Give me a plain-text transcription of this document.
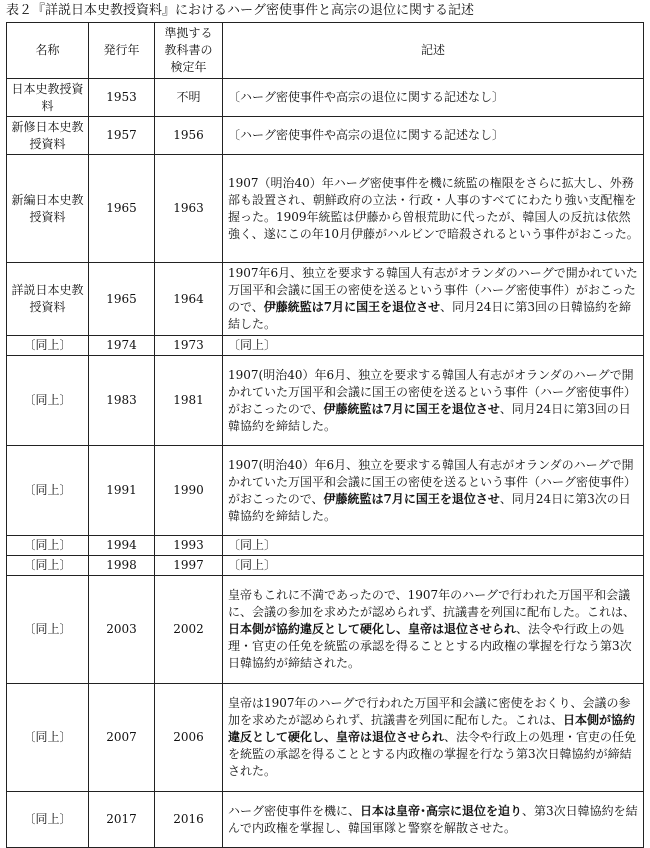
表２『詳説日本史教授資料』におけるハーグ密使事件と高宗の退位に関する記述
名称	発行年	準拠する教科書の検定年	記述
日本史教授資料	1953	不明	〔ハーグ密使事件や高宗の退位に関する記述なし〕
新修日本史教授資料	1957	1956	〔ハーグ密使事件や高宗の退位に関する記述なし〕
新編日本史教授資料	1965	1963	1907（明治40）年ハーグ密使事件を機に統監の権限をさらに拡大し、外務部も設置され、朝鮮政府の立法・行政・人事のすべてにわたり強い支配権を握った。1909年統監は伊藤から曽根荒助に代ったが、韓国人の反抗は依然強く、遂にこの年10月伊藤がハルビンで暗殺されるという事件がおこった。
詳説日本史教授資料	1965	1964	1907年6月、独立を要求する韓国人有志がオランダのハーグで開かれていた万国平和会議に国王の密使を送るという事件（ハーグ密使事件）がおこったので、伊藤統監は7月に国王を退位させ、同月24日に第3回の日韓協約を締結した。
〔同上〕	1974	1973	〔同上〕
〔同上〕	1983	1981	1907(明治40）年6月、独立を要求する韓国人有志がオランダのハーグで開かれていた万国平和会議に国王の密使を送るという事件（ハーグ密使事件）がおこったので、伊藤統監は7月に国王を退位させ、同月24日に第3回の日韓協約を締結した。
〔同上〕	1991	1990	1907(明治40）年6月、独立を要求する韓国人有志がオランダのハーグで開かれていた万国平和会議に国王の密使を送るという事件（ハーグ密使事件）がおこったので、伊藤統監は7月に国王を退位させ、同月24日に第3次の日韓協約を締結した。
〔同上〕	1994	1993	〔同上〕
〔同上〕	1998	1997	〔同上〕
〔同上〕	2003	2002	皇帝もこれに不満であったので、1907年のハーグで行われた万国平和会議に、会議の参加を求めたが認められず、抗議書を列国に配布した。これは、日本側が協約違反として硬化し、皇帝は退位させられ、法令や行政上の処理・官吏の任免を統監の承認を得ることとする内政権の掌握を行なう第3次日韓協約が締結された。
〔同上〕	2007	2006	皇帝は1907年のハーグで行われた万国平和会議に密使をおくり、会議の参加を求めたが認められず、抗議書を列国に配布した。これは、日本側が協約違反として硬化し、皇帝は退位させられ、法令や行政上の処理・官吏の任免を統監の承認を得ることとする内政権の掌握を行なう第3次日韓協約が締結された。
〔同上〕	2017	2016	ハーグ密使事件を機に、日本は皇帝･高宗に退位を迫り、第3次日韓協約を結んで内政権を掌握し、韓国軍隊と警察を解散させた。
